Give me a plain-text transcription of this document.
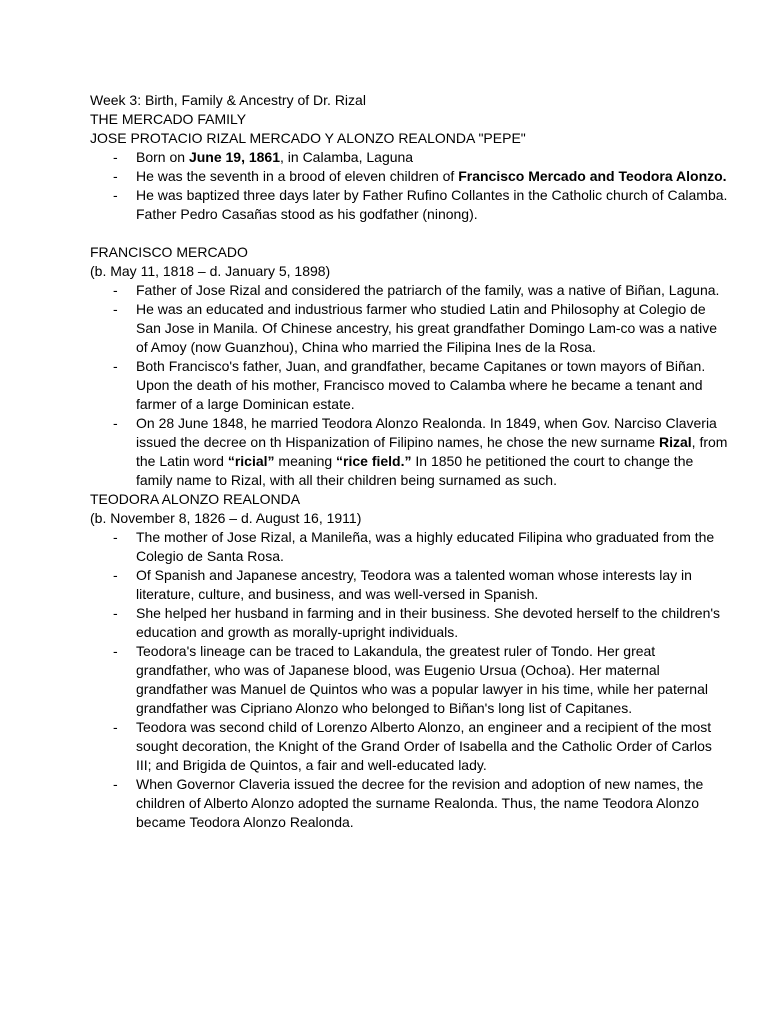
Week 3: Birth, Family & Ancestry of Dr. Rizal

THE MERCADO FAMILY

JOSE PROTACIO RIZAL MERCADO Y ALONZO REALONDA "PEPE"

- Born on June 19, 1861, in Calamba, Laguna
- He was the seventh in a brood of eleven children of Francisco Mercado and Teodora Alonzo.
- He was baptized three days later by Father Rufino Collantes in the Catholic church of Calamba. Father Pedro Casañas stood as his godfather (ninong).

FRANCISCO MERCADO

(b. May 11, 1818 – d. January 5, 1898)

- Father of Jose Rizal and considered the patriarch of the family, was a native of Biñan, Laguna.
- He was an educated and industrious farmer who studied Latin and Philosophy at Colegio de San Jose in Manila. Of Chinese ancestry, his great grandfather Domingo Lam-co was a native of Amoy (now Guanzhou), China who married the Filipina Ines de la Rosa.
- Both Francisco's father, Juan, and grandfather, became Capitanes or town mayors of Biñan. Upon the death of his mother, Francisco moved to Calamba where he became a tenant and farmer of a large Dominican estate.
- On 28 June 1848, he married Teodora Alonzo Realonda. In 1849, when Gov. Narciso Claveria issued the decree on th Hispanization of Filipino names, he chose the new surname Rizal, from the Latin word “ricial” meaning “rice field.” In 1850 he petitioned the court to change the family name to Rizal, with all their children being surnamed as such.

TEODORA ALONZO REALONDA

(b. November 8, 1826 – d. August 16, 1911)

- The mother of Jose Rizal, a Manileña, was a highly educated Filipina who graduated from the Colegio de Santa Rosa.
- Of Spanish and Japanese ancestry, Teodora was a talented woman whose interests lay in literature, culture, and business, and was well-versed in Spanish.
- She helped her husband in farming and in their business. She devoted herself to the children's education and growth as morally-upright individuals.
- Teodora's lineage can be traced to Lakandula, the greatest ruler of Tondo. Her great grandfather, who was of Japanese blood, was Eugenio Ursua (Ochoa). Her maternal grandfather was Manuel de Quintos who was a popular lawyer in his time, while her paternal grandfather was Cipriano Alonzo who belonged to Biñan's long list of Capitanes.
- Teodora was second child of Lorenzo Alberto Alonzo, an engineer and a recipient of the most sought decoration, the Knight of the Grand Order of Isabella and the Catholic Order of Carlos III; and Brigida de Quintos, a fair and well-educated lady.
- When Governor Claveria issued the decree for the revision and adoption of new names, the children of Alberto Alonzo adopted the surname Realonda. Thus, the name Teodora Alonzo became Teodora Alonzo Realonda.
